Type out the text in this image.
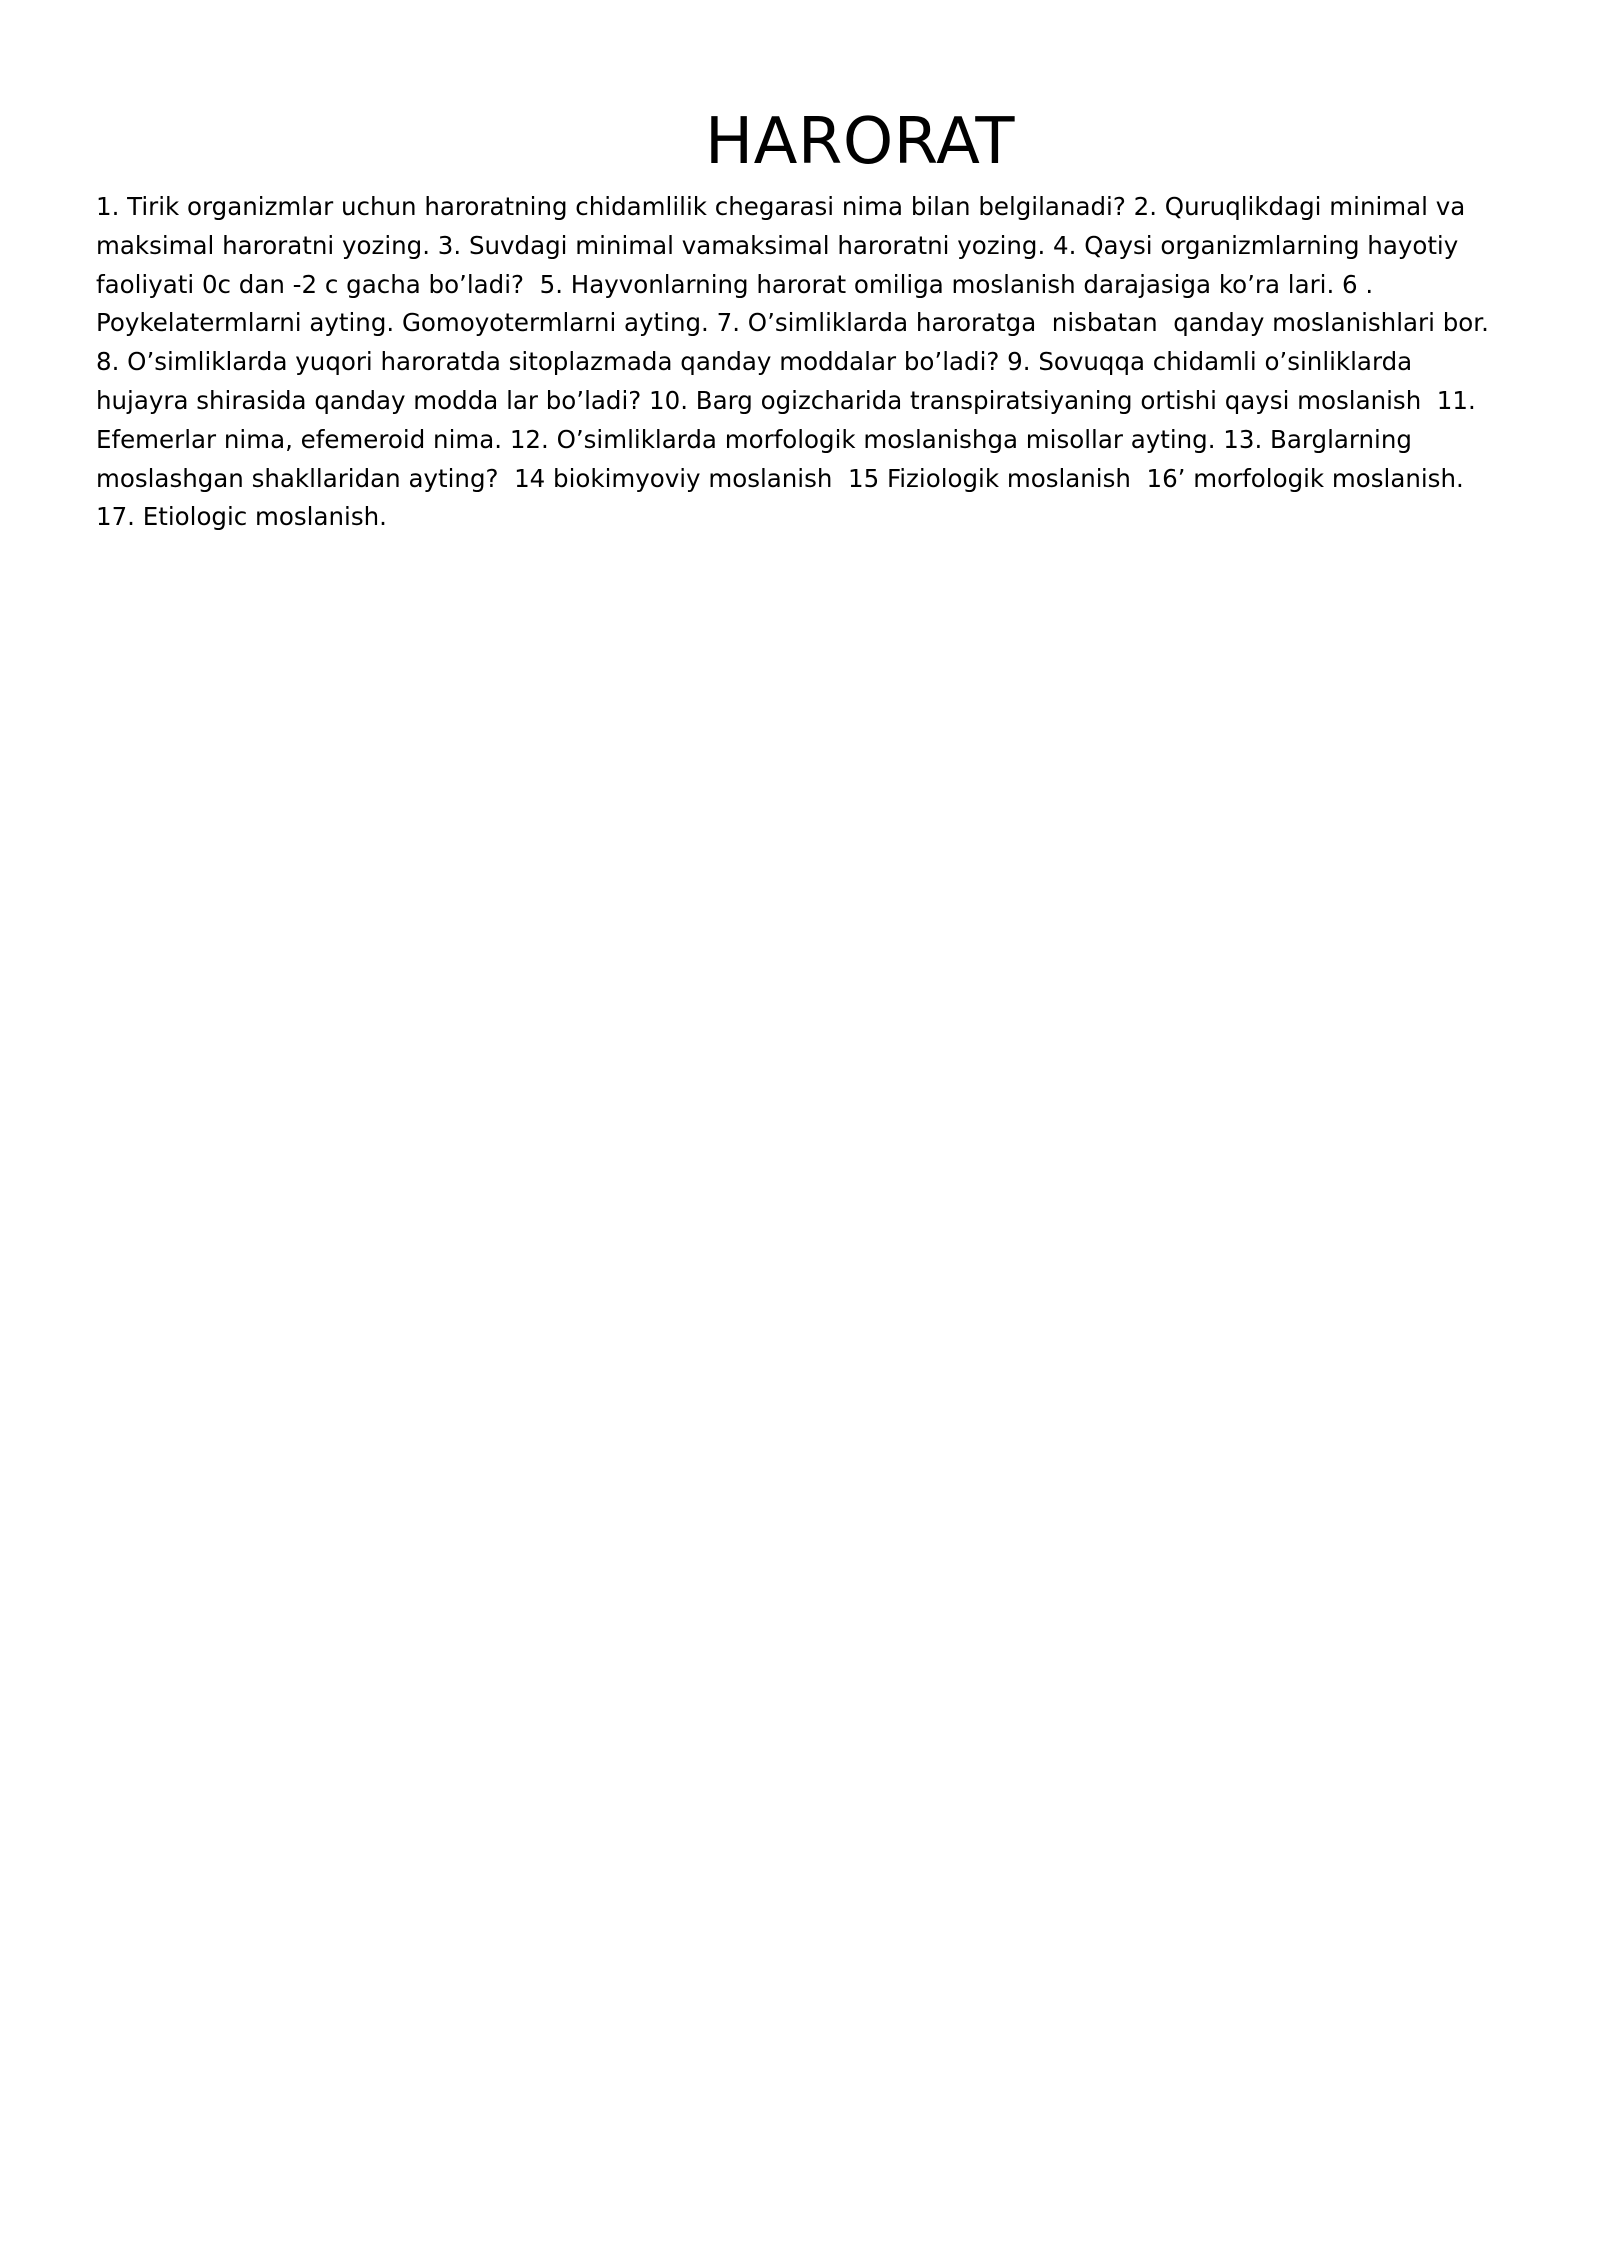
HARORAT

1. Tirik organizmlar uchun haroratning chidamlilik chegarasi nima bilan belgilanadi? 2. Quruqlikdagi minimal va maksimal haroratni yozing. 3. Suvdagi minimal vamaksimal haroratni yozing. 4. Qaysi organizmlarning hayotiy faoliyati 0c dan -2 c gacha bo’ladi?  5. Hayvonlarning harorat omiliga moslanish darajasiga ko’ra lari. 6 . Poykelatermlarni ayting. Gomoyotermlarni ayting. 7. O’simliklarda haroratga  nisbatan  qanday moslanishlari bor. 8. O’simliklarda yuqori haroratda sitoplazmada qanday moddalar bo’ladi? 9. Sovuqqa chidamli o’sinliklarda hujayra shirasida qanday modda lar bo’ladi? 10. Barg ogizcharida transpiratsiyaning ortishi qaysi moslanish  11. Efemerlar nima, efemeroid nima. 12. O’simliklarda morfologik moslanishga misollar ayting. 13. Barglarning moslashgan shakllaridan ayting?  14 biokimyoviy moslanish  15 Fiziologik moslanish  16’ morfologik moslanish.  17. Etiologic moslanish.
